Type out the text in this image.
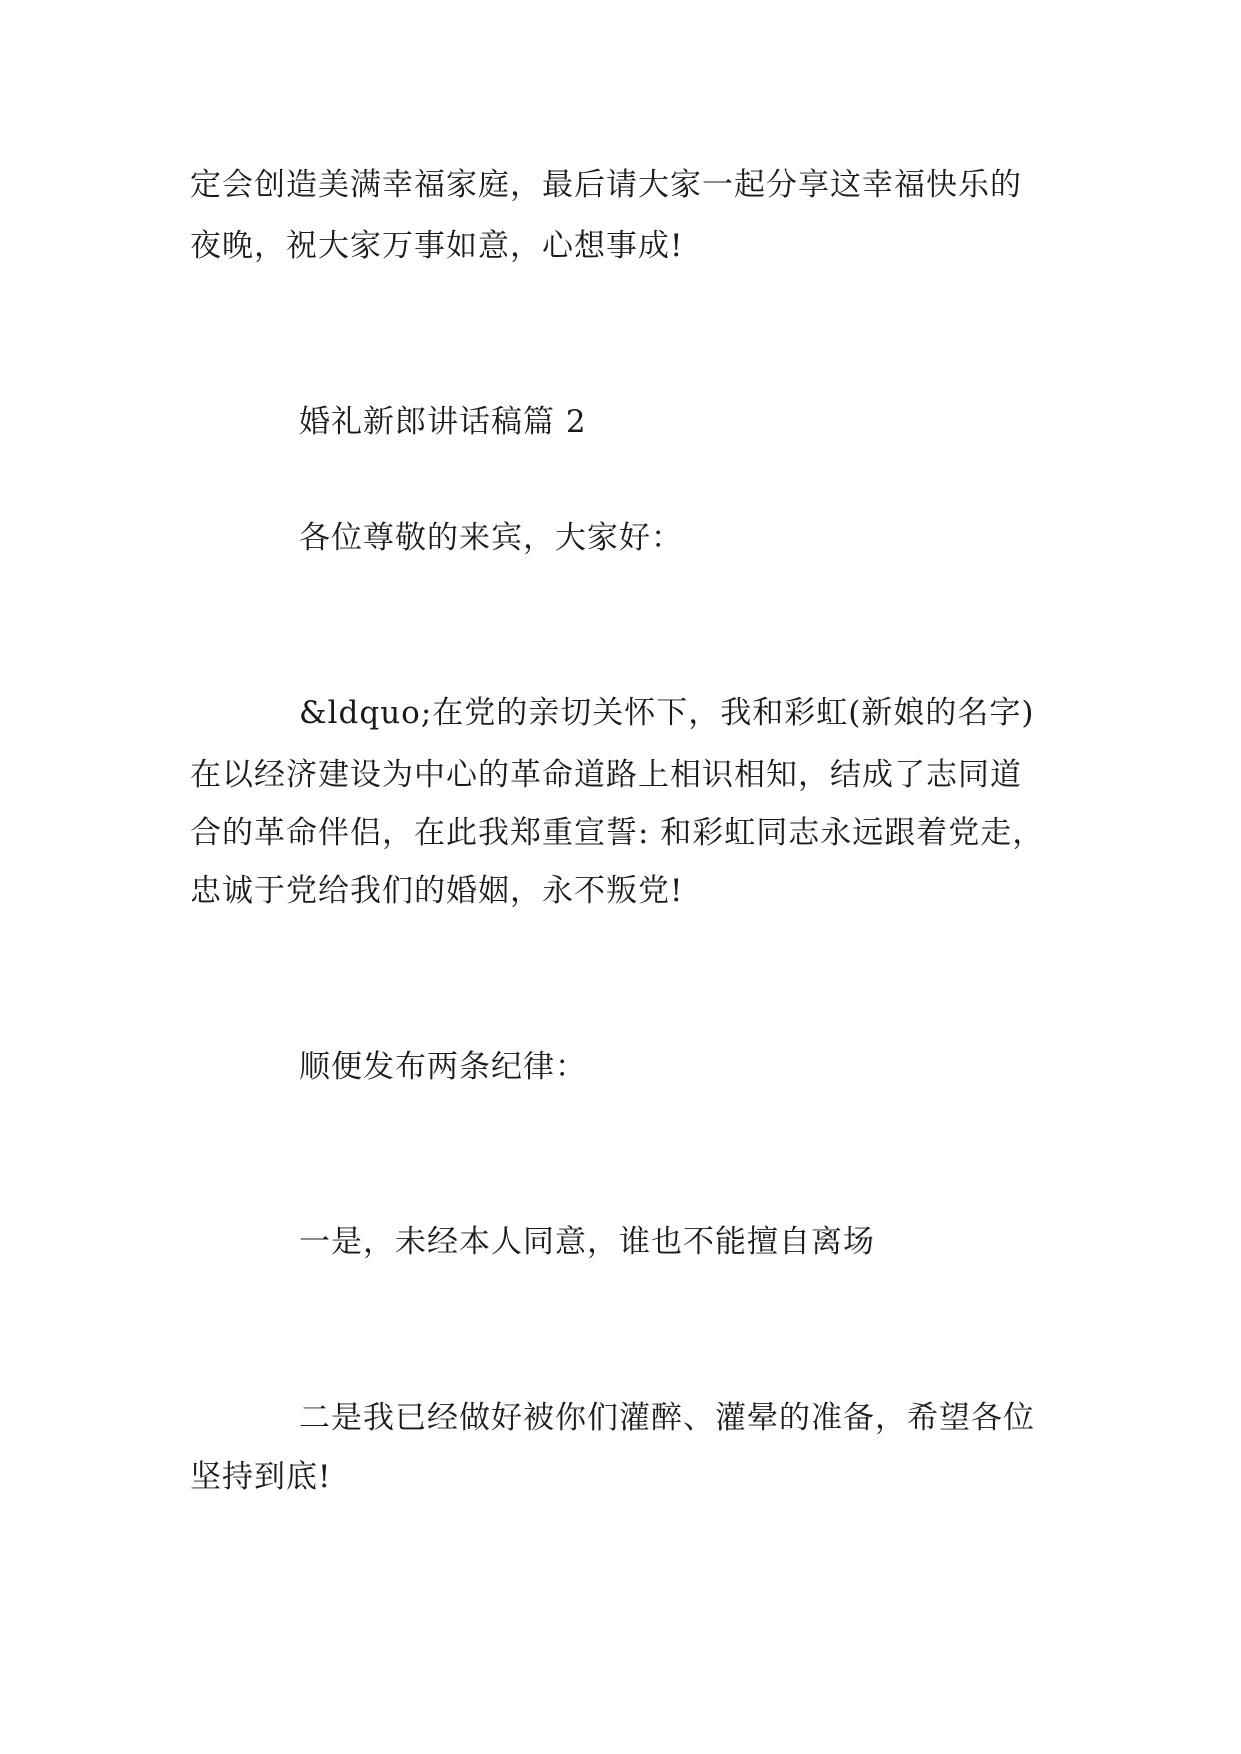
定会创造美满幸福家庭，最后请大家一起分享这幸福快乐的

夜晚，祝大家万事如意，心想事成!

婚礼新郎讲话稿篇 2

各位尊敬的来宾，大家好：

&ldquo;在党的亲切关怀下，我和彩虹(新娘的名字)

在以经济建设为中心的革命道路上相识相知，结成了志同道

合的革命伴侣，在此我郑重宣誓: 和彩虹同志永远跟着党走，

忠诚于党给我们的婚姻，永不叛党!

顺便发布两条纪律：

一是，未经本人同意，谁也不能擅自离场

二是我已经做好被你们灌醉、灌晕的准备，希望各位

坚持到底!
